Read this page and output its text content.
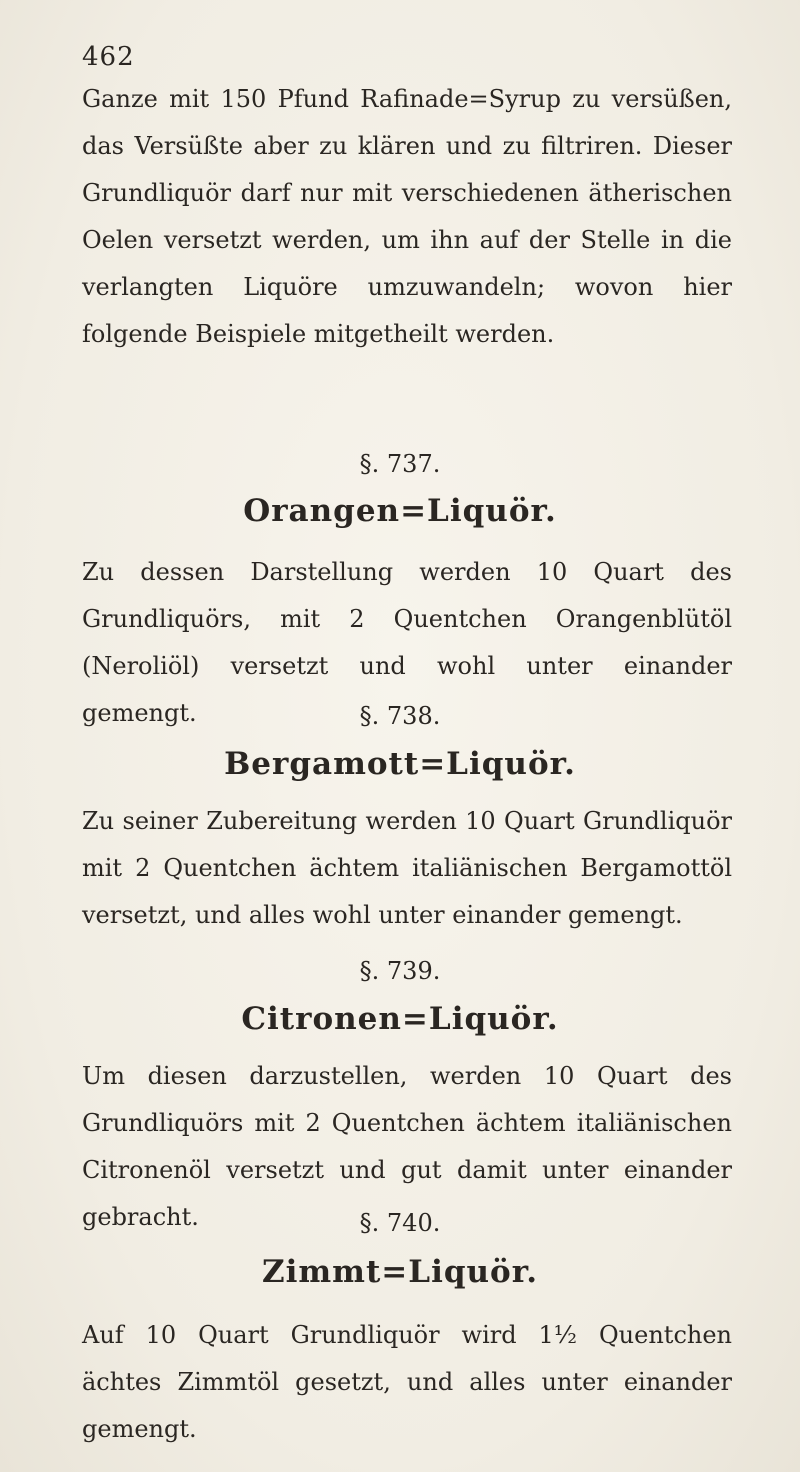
462

Ganze mit 150 Pfund Rafinade=Syrup zu versüßen, das Versüßte aber zu klären und zu filtriren. Dieser Grundliquör darf nur mit verschiedenen ätherischen Oelen versetzt werden, um ihn auf der Stelle in die verlangten Liquöre umzuwandeln; wovon hier folgende Beispiele mitgetheilt werden.

§. 737.
Orangen=Liquör.

Zu dessen Darstellung werden 10 Quart des Grundliquörs, mit 2 Quentchen Orangenblütöl (Neroliöl) versetzt und wohl unter einander gemengt.	§. 738.
Bergamott=Liquör.

Zu seiner Zubereitung werden 10 Quart Grundliquör mit 2 Quentchen ächtem italiänischen Bergamottöl versetzt, und alles wohl unter einander gemengt.

§. 739.
Citronen=Liquör.

Um diesen darzustellen, werden 10 Quart des Grundliquörs mit 2 Quentchen ächtem italiänischen Citronenöl versetzt und gut damit unter einander gebracht.	§. 740.
Zimmt=Liquör.

Auf 10 Quart Grundliquör wird 1½ Quentchen ächtes Zimmtöl gesetzt, und alles unter einander gemengt.
